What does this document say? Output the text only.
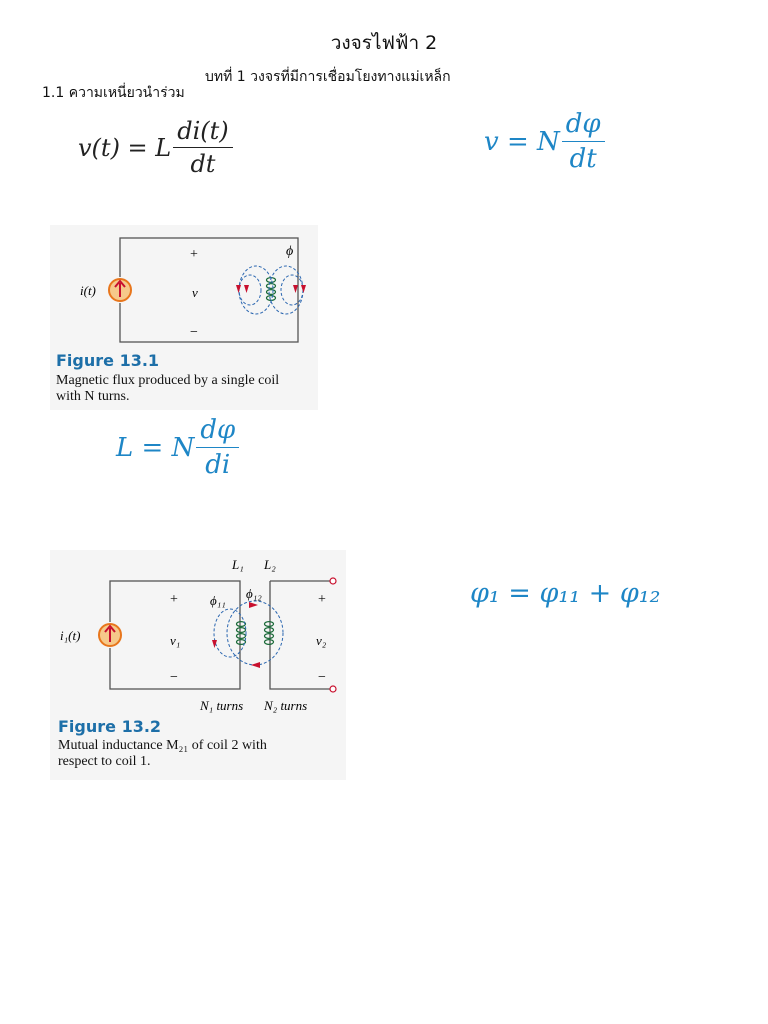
วงจรไฟฟ้า 2
บทที่ 1 วงจรที่มีการเชื่อมโยงทางแม่เหล็ก
1.1 ความเหนี่ยวนำร่วม
v(t) = L $\frac{di(t)}{dt}$	v = N $\frac{d\varphi}{dt}$
i(t)
+
v
−
ϕ
Figure 13.1
Magnetic flux produced by a single coil
with N turns.
L = N $\frac{d\varphi}{di}$
φ₁ = φ₁₁ + φ₁₂
i₁(t)
+
v₁
−
+
v₂
−
L₁ L₂
ϕ₁₁ ϕ₁₂
N₁ turns N₂ turns
Figure 13.2
Mutual inductance M₂₁ of coil 2 with
respect to coil 1.
